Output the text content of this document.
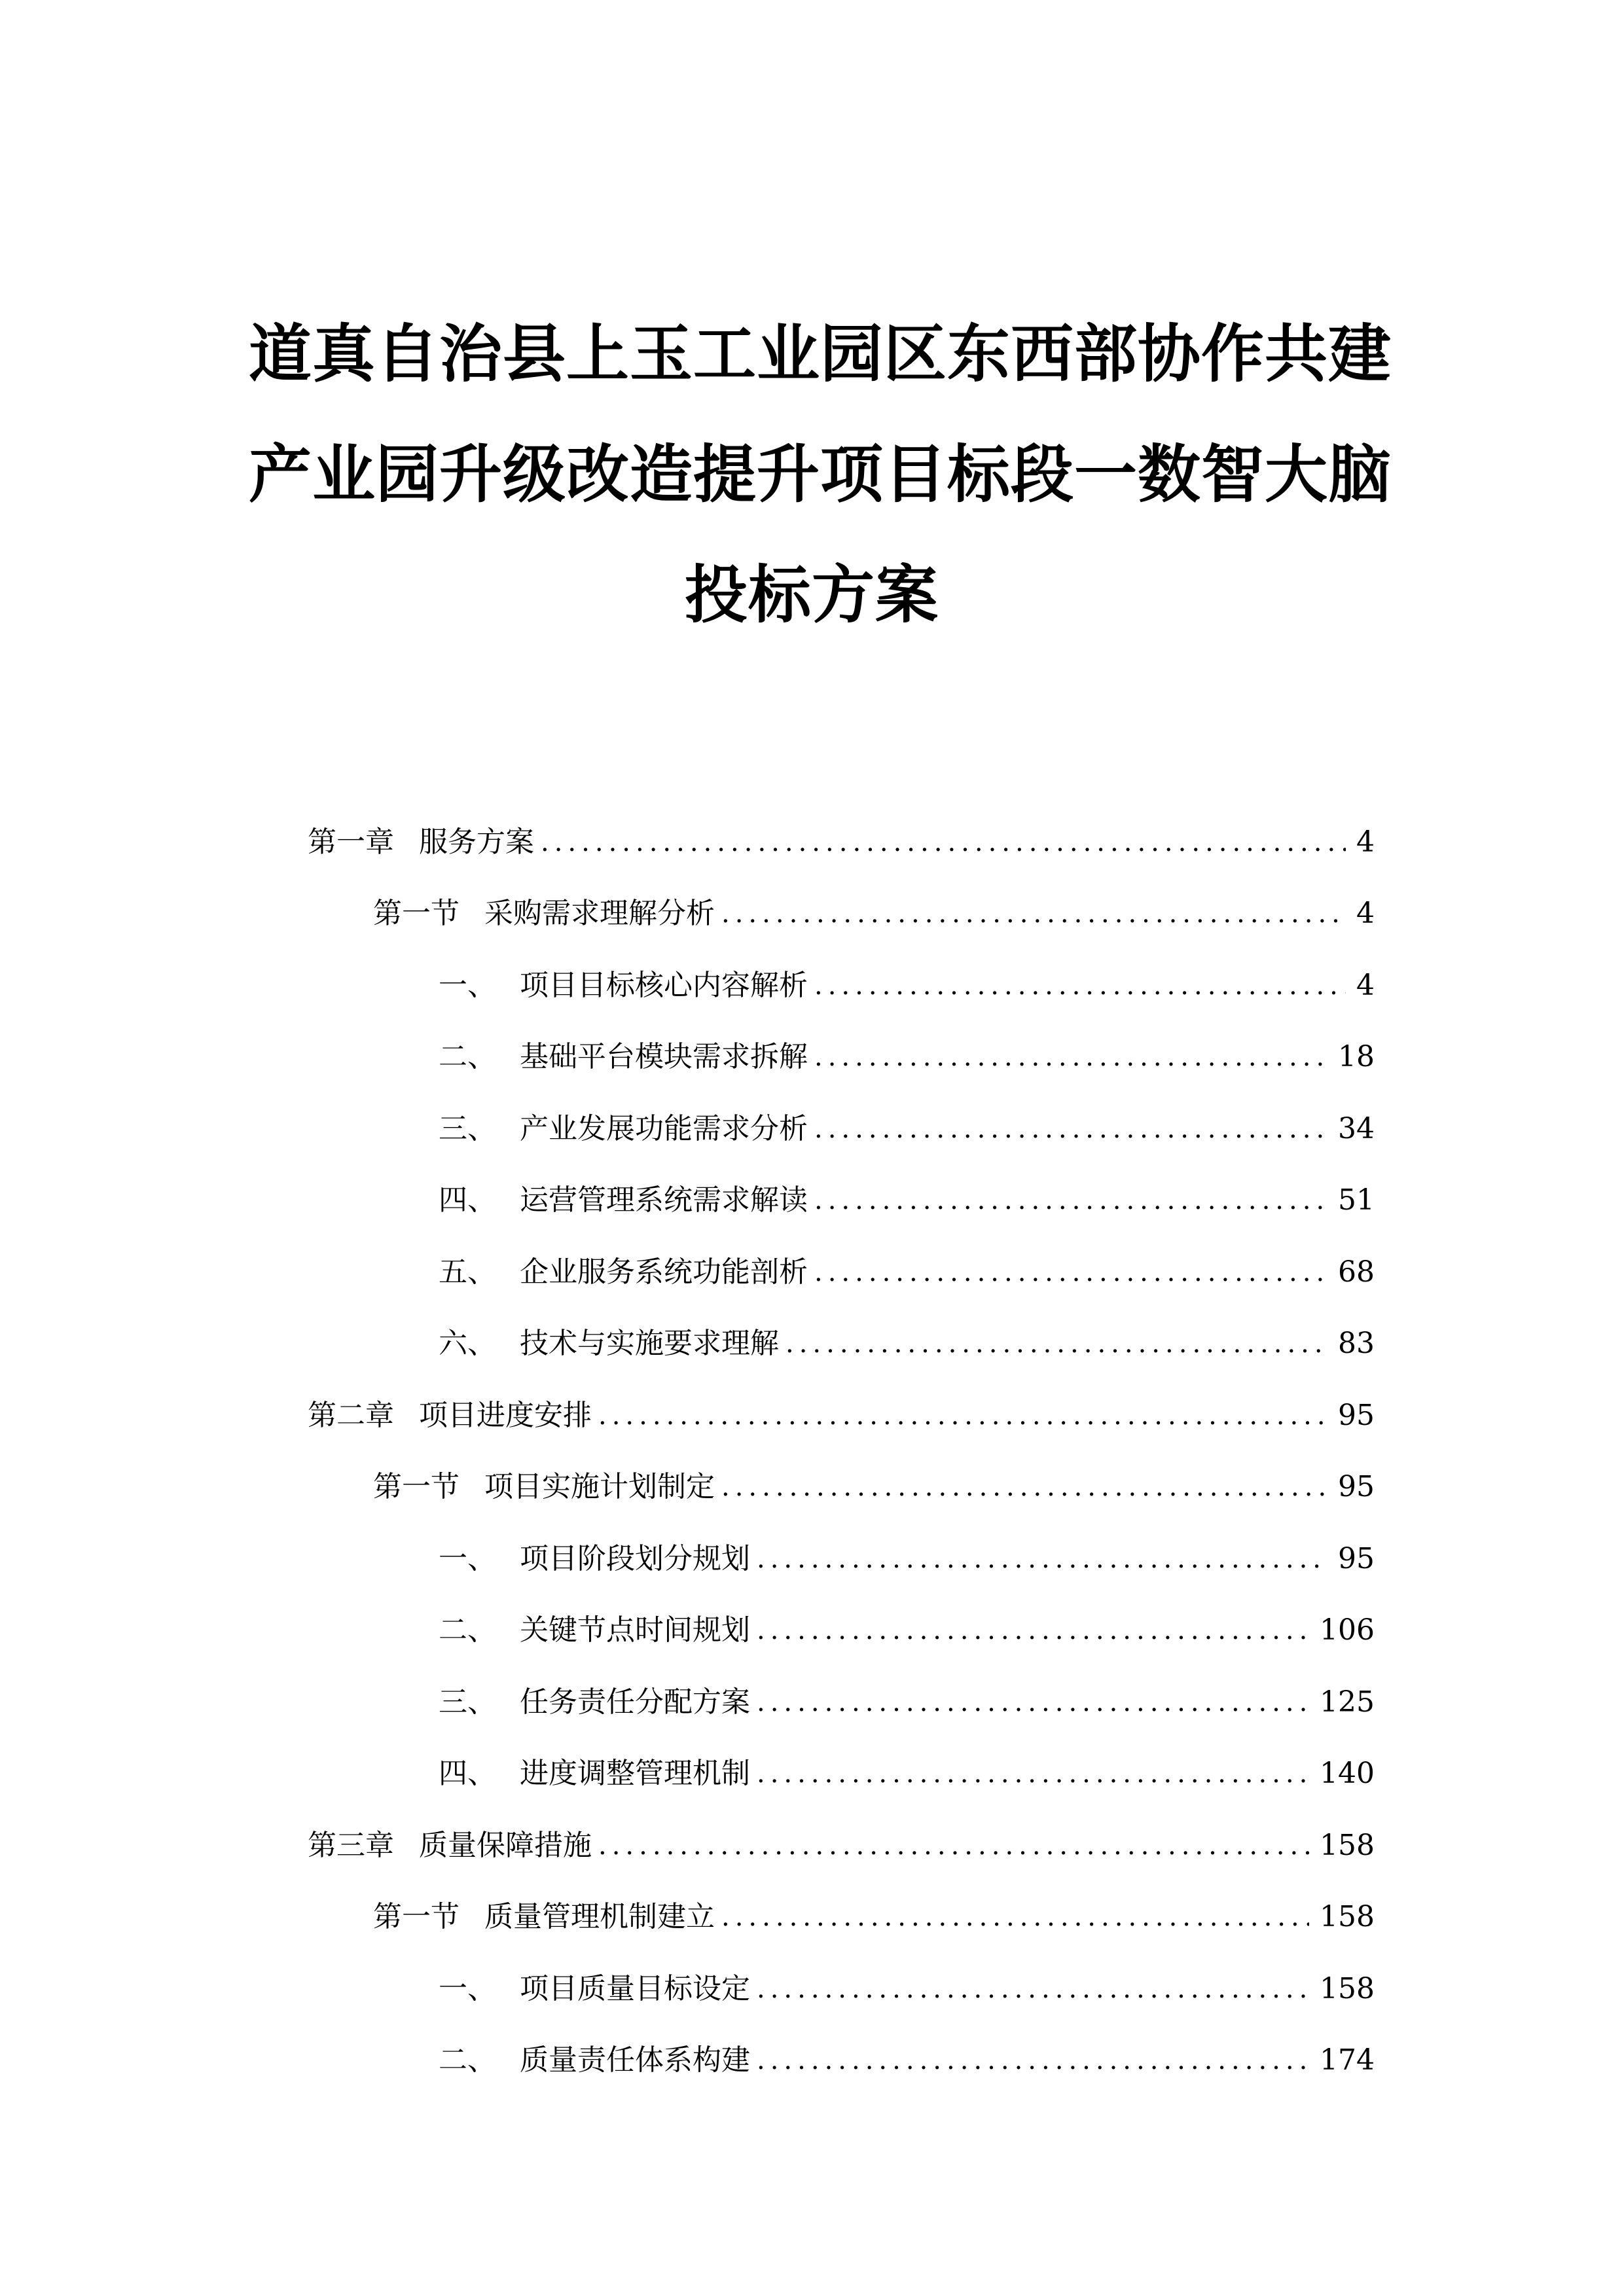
道真自治县上玉工业园区东西部协作共建
产业园升级改造提升项目标段一数智大脑
投标方案
第一章 服务方案 .....	4
第一节 采购需求理解分析 .....	4
一、 项目目标核心内容解析 .....	4
二、 基础平台模块需求拆解 .....	18
三、 产业发展功能需求分析 .....	34
四、 运营管理系统需求解读 .....	51
五、 企业服务系统功能剖析 .....	68
六、 技术与实施要求理解 .....	83
第二章 项目进度安排 .....	95
第一节 项目实施计划制定 .....	95
一、 项目阶段划分规划 .....	95
二、 关键节点时间规划 .....	106
三、 任务责任分配方案 .....	125
四、 进度调整管理机制 .....	140
第三章 质量保障措施 .....	158
第一节 质量管理机制建立 .....	158
一、 项目质量目标设定 .....	158
二、 质量责任体系构建 .....	174
